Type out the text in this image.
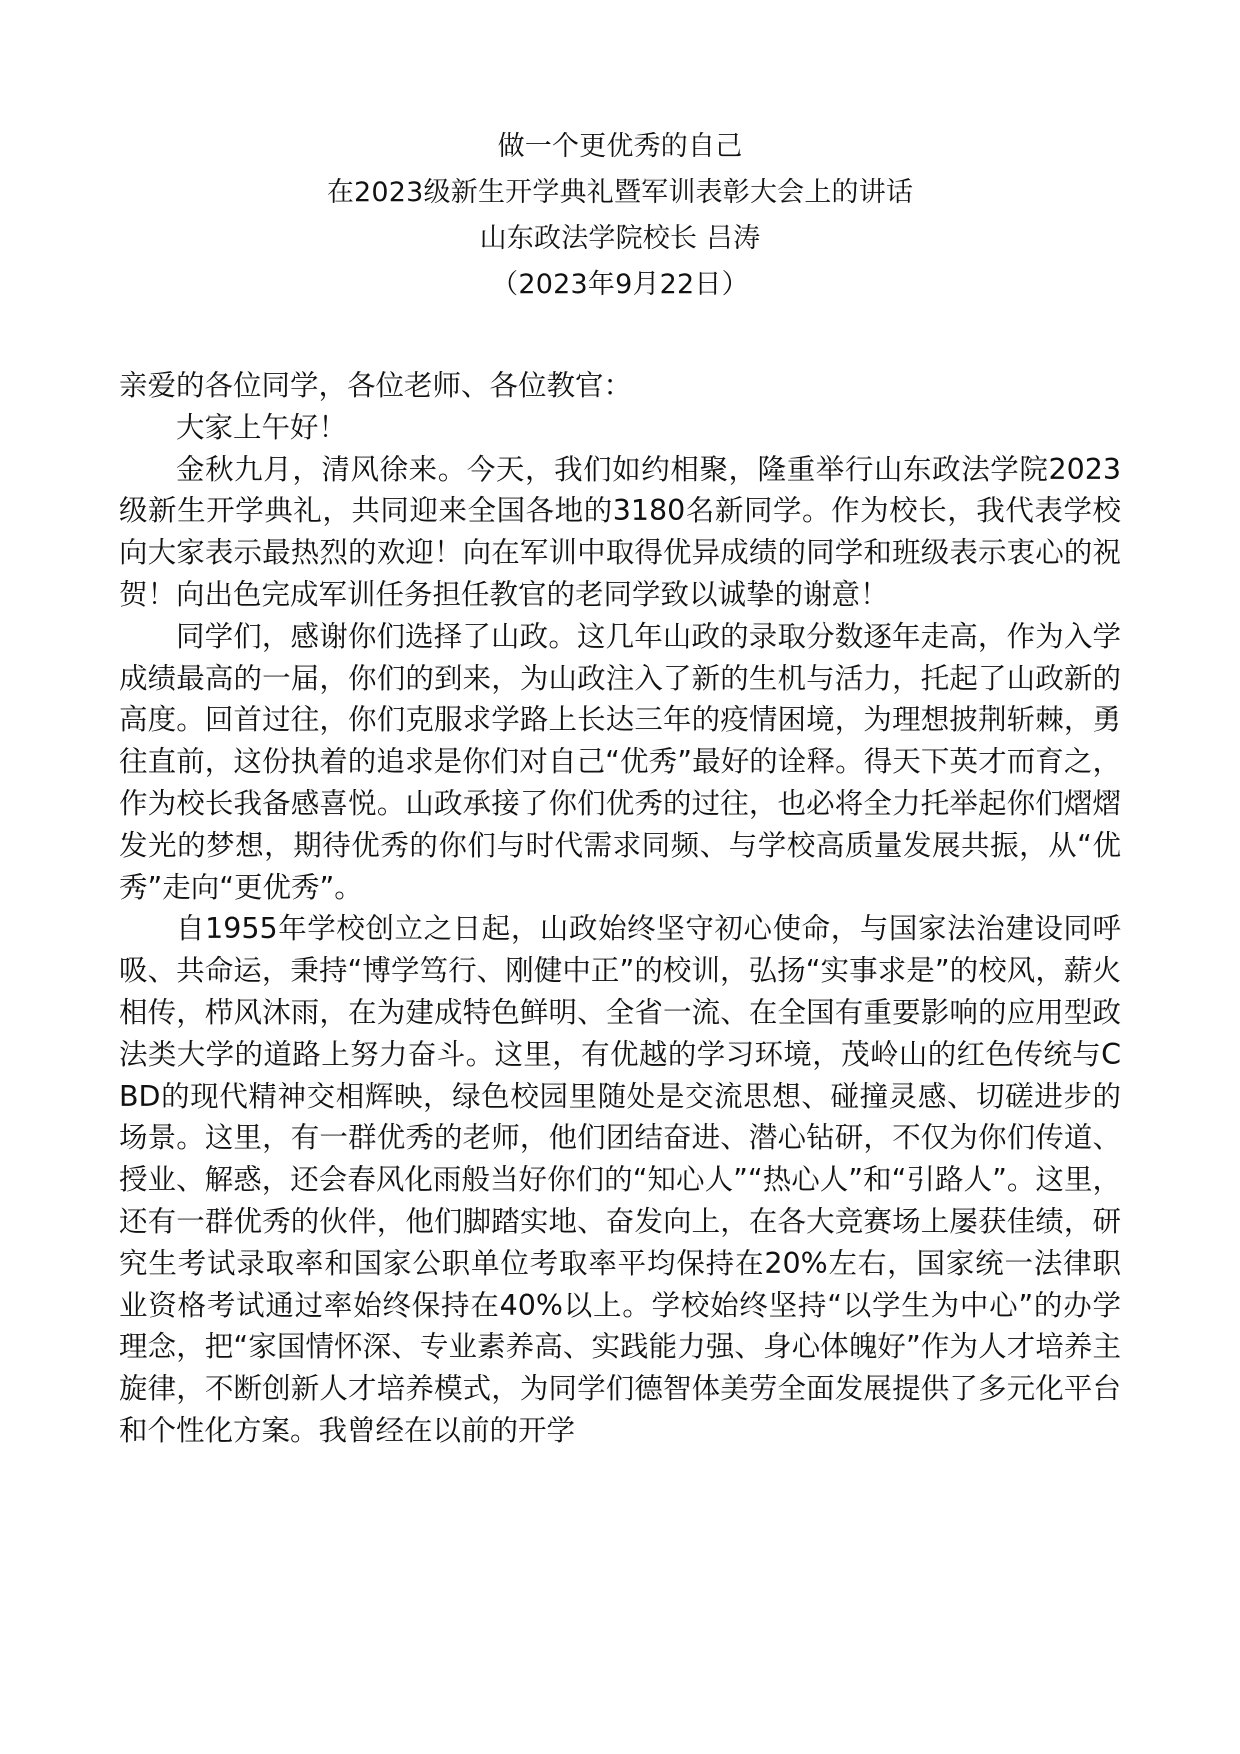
做一个更优秀的自己
在2023级新生开学典礼暨军训表彰大会上的讲话
山东政法学院校长 吕涛
（2023年9月22日）

亲爱的各位同学，各位老师、各位教官：

大家上午好！

金秋九月，清风徐来。今天，我们如约相聚，隆重举行山东政法学院2023级新生开学典礼，共同迎来全国各地的3180名新同学。作为校长，我代表学校向大家表示最热烈的欢迎！向在军训中取得优异成绩的同学和班级表示衷心的祝贺！向出色完成军训任务担任教官的老同学致以诚挚的谢意！

同学们，感谢你们选择了山政。这几年山政的录取分数逐年走高，作为入学成绩最高的一届，你们的到来，为山政注入了新的生机与活力，托起了山政新的高度。回首过往，你们克服求学路上长达三年的疫情困境，为理想披荆斩棘，勇往直前，这份执着的追求是你们对自己“优秀”最好的诠释。得天下英才而育之，作为校长我备感喜悦。山政承接了你们优秀的过往，也必将全力托举起你们熠熠发光的梦想，期待优秀的你们与时代需求同频、与学校高质量发展共振，从“优秀”走向“更优秀”。

自1955年学校创立之日起，山政始终坚守初心使命，与国家法治建设同呼吸、共命运，秉持“博学笃行、刚健中正”的校训，弘扬“实事求是”的校风，薪火相传，栉风沐雨，在为建成特色鲜明、全省一流、在全国有重要影响的应用型政法类大学的道路上努力奋斗。这里，有优越的学习环境，茂岭山的红色传统与CBD的现代精神交相辉映，绿色校园里随处是交流思想、碰撞灵感、切磋进步的场景。这里，有一群优秀的老师，他们团结奋进、潜心钻研，不仅为你们传道、授业、解惑，还会春风化雨般当好你们的“知心人”“热心人”和“引路人”。这里，还有一群优秀的伙伴，他们脚踏实地、奋发向上，在各大竞赛场上屡获佳绩，研究生考试录取率和国家公职单位考取率平均保持在20%左右，国家统一法律职业资格考试通过率始终保持在40%以上。学校始终坚持“以学生为中心”的办学理念，把“家国情怀深、专业素养高、实践能力强、身心体魄好”作为人才培养主旋律，不断创新人才培养模式，为同学们德智体美劳全面发展提供了多元化平台和个性化方案。我曾经在以前的开学
